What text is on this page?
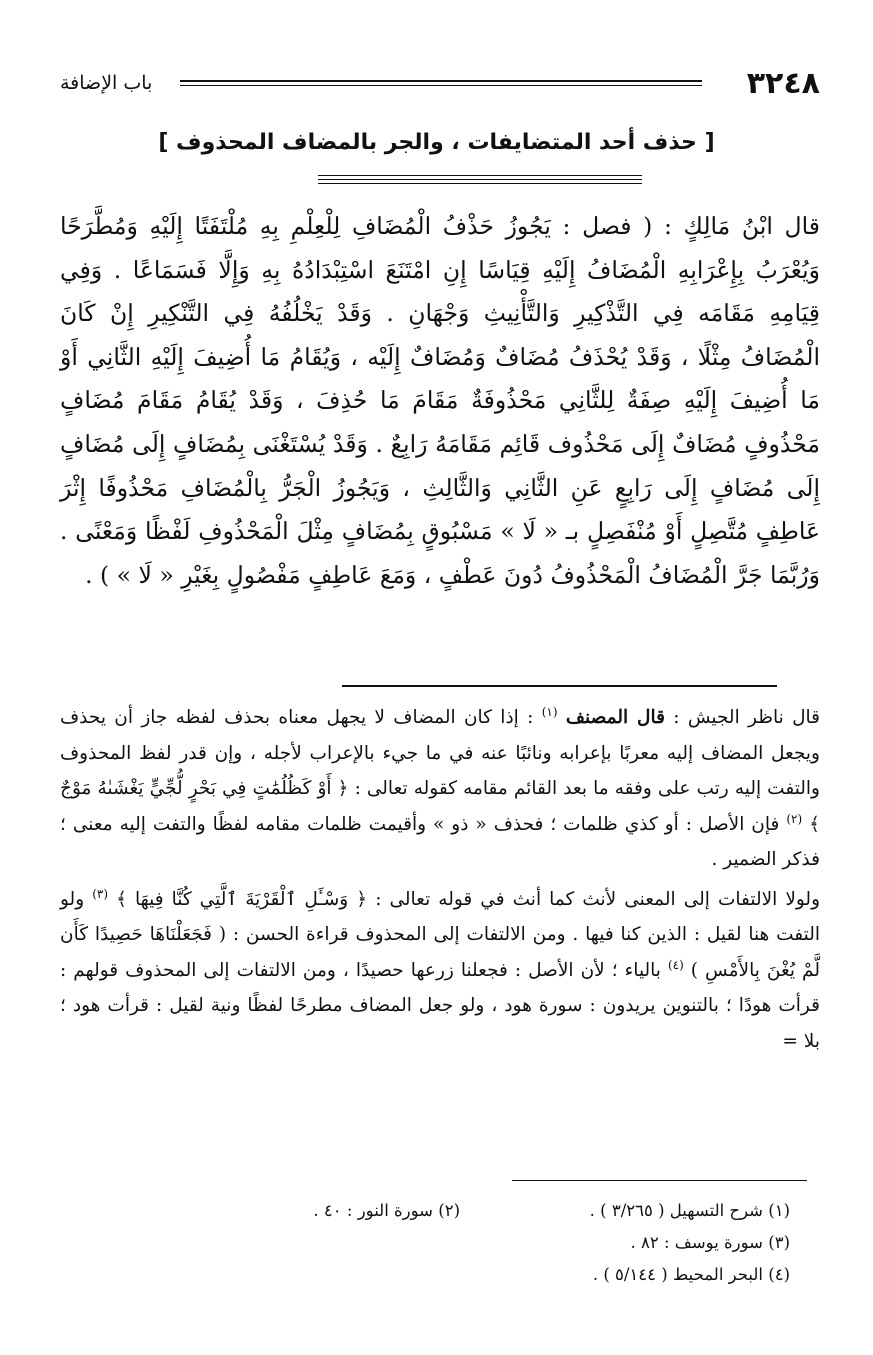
٣٢٤٨
باب الإضافة
[ حذف أحد المتضايفات ، والجر بالمضاف المحذوف ]

قال ابْنُ مَالِكٍ : ( فصل : يَجُوزُ حَذْفُ الْمُضَافِ لِلْعِلْمِ بِهِ مُلْتَفَتًا إِلَيْهِ وَمُطَّرَحًا وَيُعْرَبُ بِإِعْرَابِهِ الْمُضَافُ إِلَيْهِ قِيَاسًا إِنِ امْتَنَعَ اسْتِبْدَادُهُ بِهِ وَإِلَّا فَسَمَاعًا . وَفِي قِيَامِهِ مَقَامَه فِي التَّذْكِيرِ وَالتَّأْنِيثِ وَجْهَانِ . وَقَدْ يَخْلُفُهُ فِي التَّنْكِيرِ إِنْ كَانَ الْمُضَافُ مِثْلًا ، وَقَدْ يُحْذَفُ مُضَافٌ وَمُضَافٌ إِلَيْه ، وَيُقَامُ مَا أُضِيفَ إِلَيْهِ الثَّانِي أَوْ مَا أُضِيفَ إِلَيْهِ صِفَةٌ لِلثَّانِي مَحْذُوفَةٌ مَقَامَ مَا حُذِفَ ، وَقَدْ يُقَامُ مَقَامَ مُضَافٍ مَحْذُوفٍ مُضَافٌ إِلَى مَحْذُوف قَائِم مَقَامَهُ رَابِعٌ . وَقَدْ يُسْتَغْنَى بِمُضَافٍ إِلَى مُضَافٍ إِلَى مُضَافٍ إِلَى رَابِعٍ عَنِ الثَّانِي وَالثَّالِثِ ، وَيَجُوزُ الْجَرُّ بِالْمُضَافِ مَحْذُوفًا إِثْرَ عَاطِفٍ مُتَّصِلٍ أَوْ مُنْفَصِلٍ بـ « لَا » مَسْبُوقٍ بِمُضَافٍ مِثْلَ الْمَحْذُوفِ لَفْظًا وَمَعْنًى . وَرُبَّمَا جَرَّ الْمُضَافُ الْمَحْذُوفُ دُونَ عَطْفٍ ، وَمَعَ عَاطِفٍ مَفْصُولٍ بِغَيْرِ « لَا » ) .

قال ناظر الجيش : قال المصنف $^{(١)}$ : إذا كان المضاف لا يجهل معناه بحذف لفظه جاز أن يحذف ويجعل المضاف إليه معربًا بإعرابه ونائبًا عنه في ما جيء بالإعراب لأجله ، وإن قدر لفظ المحذوف والتفت إليه رتب على وفقه ما بعد القائم مقامه كقوله تعالى : ﴿ أَوْ كَظُلُمَٰتٍ فِي بَحْرٍ لُّجِّيٍّ يَغْشَىٰهُ مَوْجٌ ﴾ $^{(٢)}$ فإن الأصل : أو كذي ظلمات ؛ فحذف « ذو » وأقيمت ظلمات مقامه لفظًا والتفت إليه معنى ؛ فذكر الضمير .

ولولا الالتفات إلى المعنى لأنث كما أنث في قوله تعالى : ﴿ وَسْـَٔلِ ٱلْقَرْيَةَ ٱلَّتِي كُنَّا فِيهَا ﴾ $^{(٣)}$ ولو التفت هنا لقيل : الذين كنا فيها . ومن الالتفات إلى المحذوف قراءة الحسن : ( فَجَعَلْنَاهَا حَصِيدًا كَأَن لَّمْ يُغْنَ بِالأَمْسِ ) $^{(٤)}$ بالياء ؛ لأن الأصل : فجعلنا زرعها حصيدًا ، ومن الالتفات إلى المحذوف قولهم : قرأت هودًا ؛ بالتنوين يريدون : سورة هود ، ولو جعل المضاف مطرحًا لفظًا ونية لقيل : قرأت هود ؛ بلا =

(١) شرح التسهيل ( ٣/٢٦٥ ) .
(٢) سورة النور : ٤٠ .
(٣) سورة يوسف : ٨٢ .
(٤) البحر المحيط ( ٥/١٤٤ ) .
